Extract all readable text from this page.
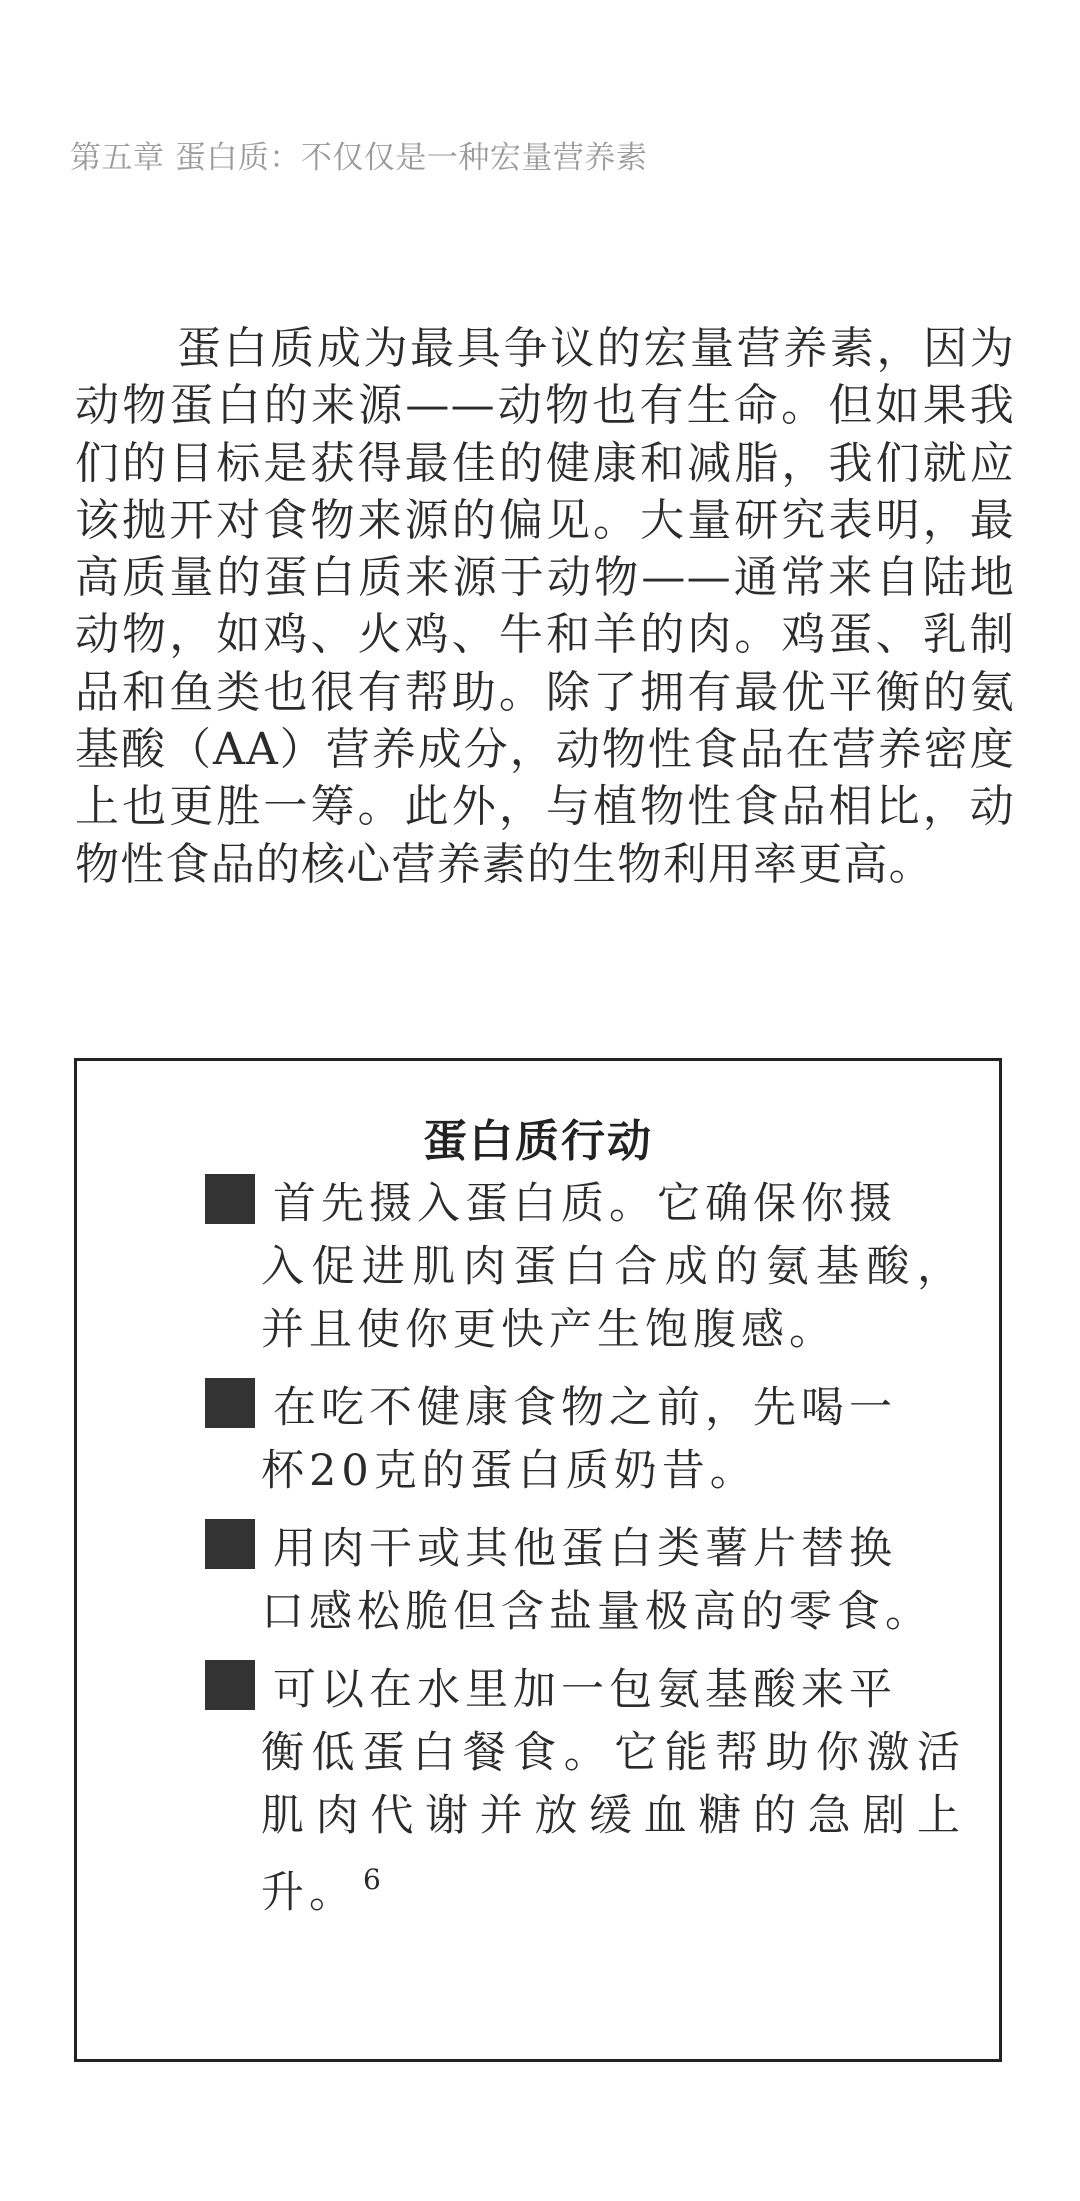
第五章 蛋白质：不仅仅是一种宏量营养素

蛋白质成为最具争议的宏量营养素，因为动物蛋白的来源——动物也有生命。但如果我们的目标是获得最佳的健康和减脂，我们就应该抛开对食物来源的偏见。大量研究表明，最高质量的蛋白质来源于动物——通常来自陆地动物，如鸡、火鸡、牛和羊的肉。鸡蛋、乳制品和鱼类也很有帮助。除了拥有最优平衡的氨基酸（AA）营养成分，动物性食品在营养密度上也更胜一筹。此外，与植物性食品相比，动物性食品的核心营养素的生物利用率更高。

蛋白质行动
首先摄入蛋白质。它确保你摄
入促进肌肉蛋白合成的氨基酸，并且使你更快产生饱腹感。
在吃不健康食物之前，先喝一
杯20克的蛋白质奶昔。
用肉干或其他蛋白类薯片替换
口感松脆但含盐量极高的零食。
可以在水里加一包氨基酸来平
衡低蛋白餐食。它能帮助你激活肌肉代谢并放缓血糖的急剧上升。 $^6$
